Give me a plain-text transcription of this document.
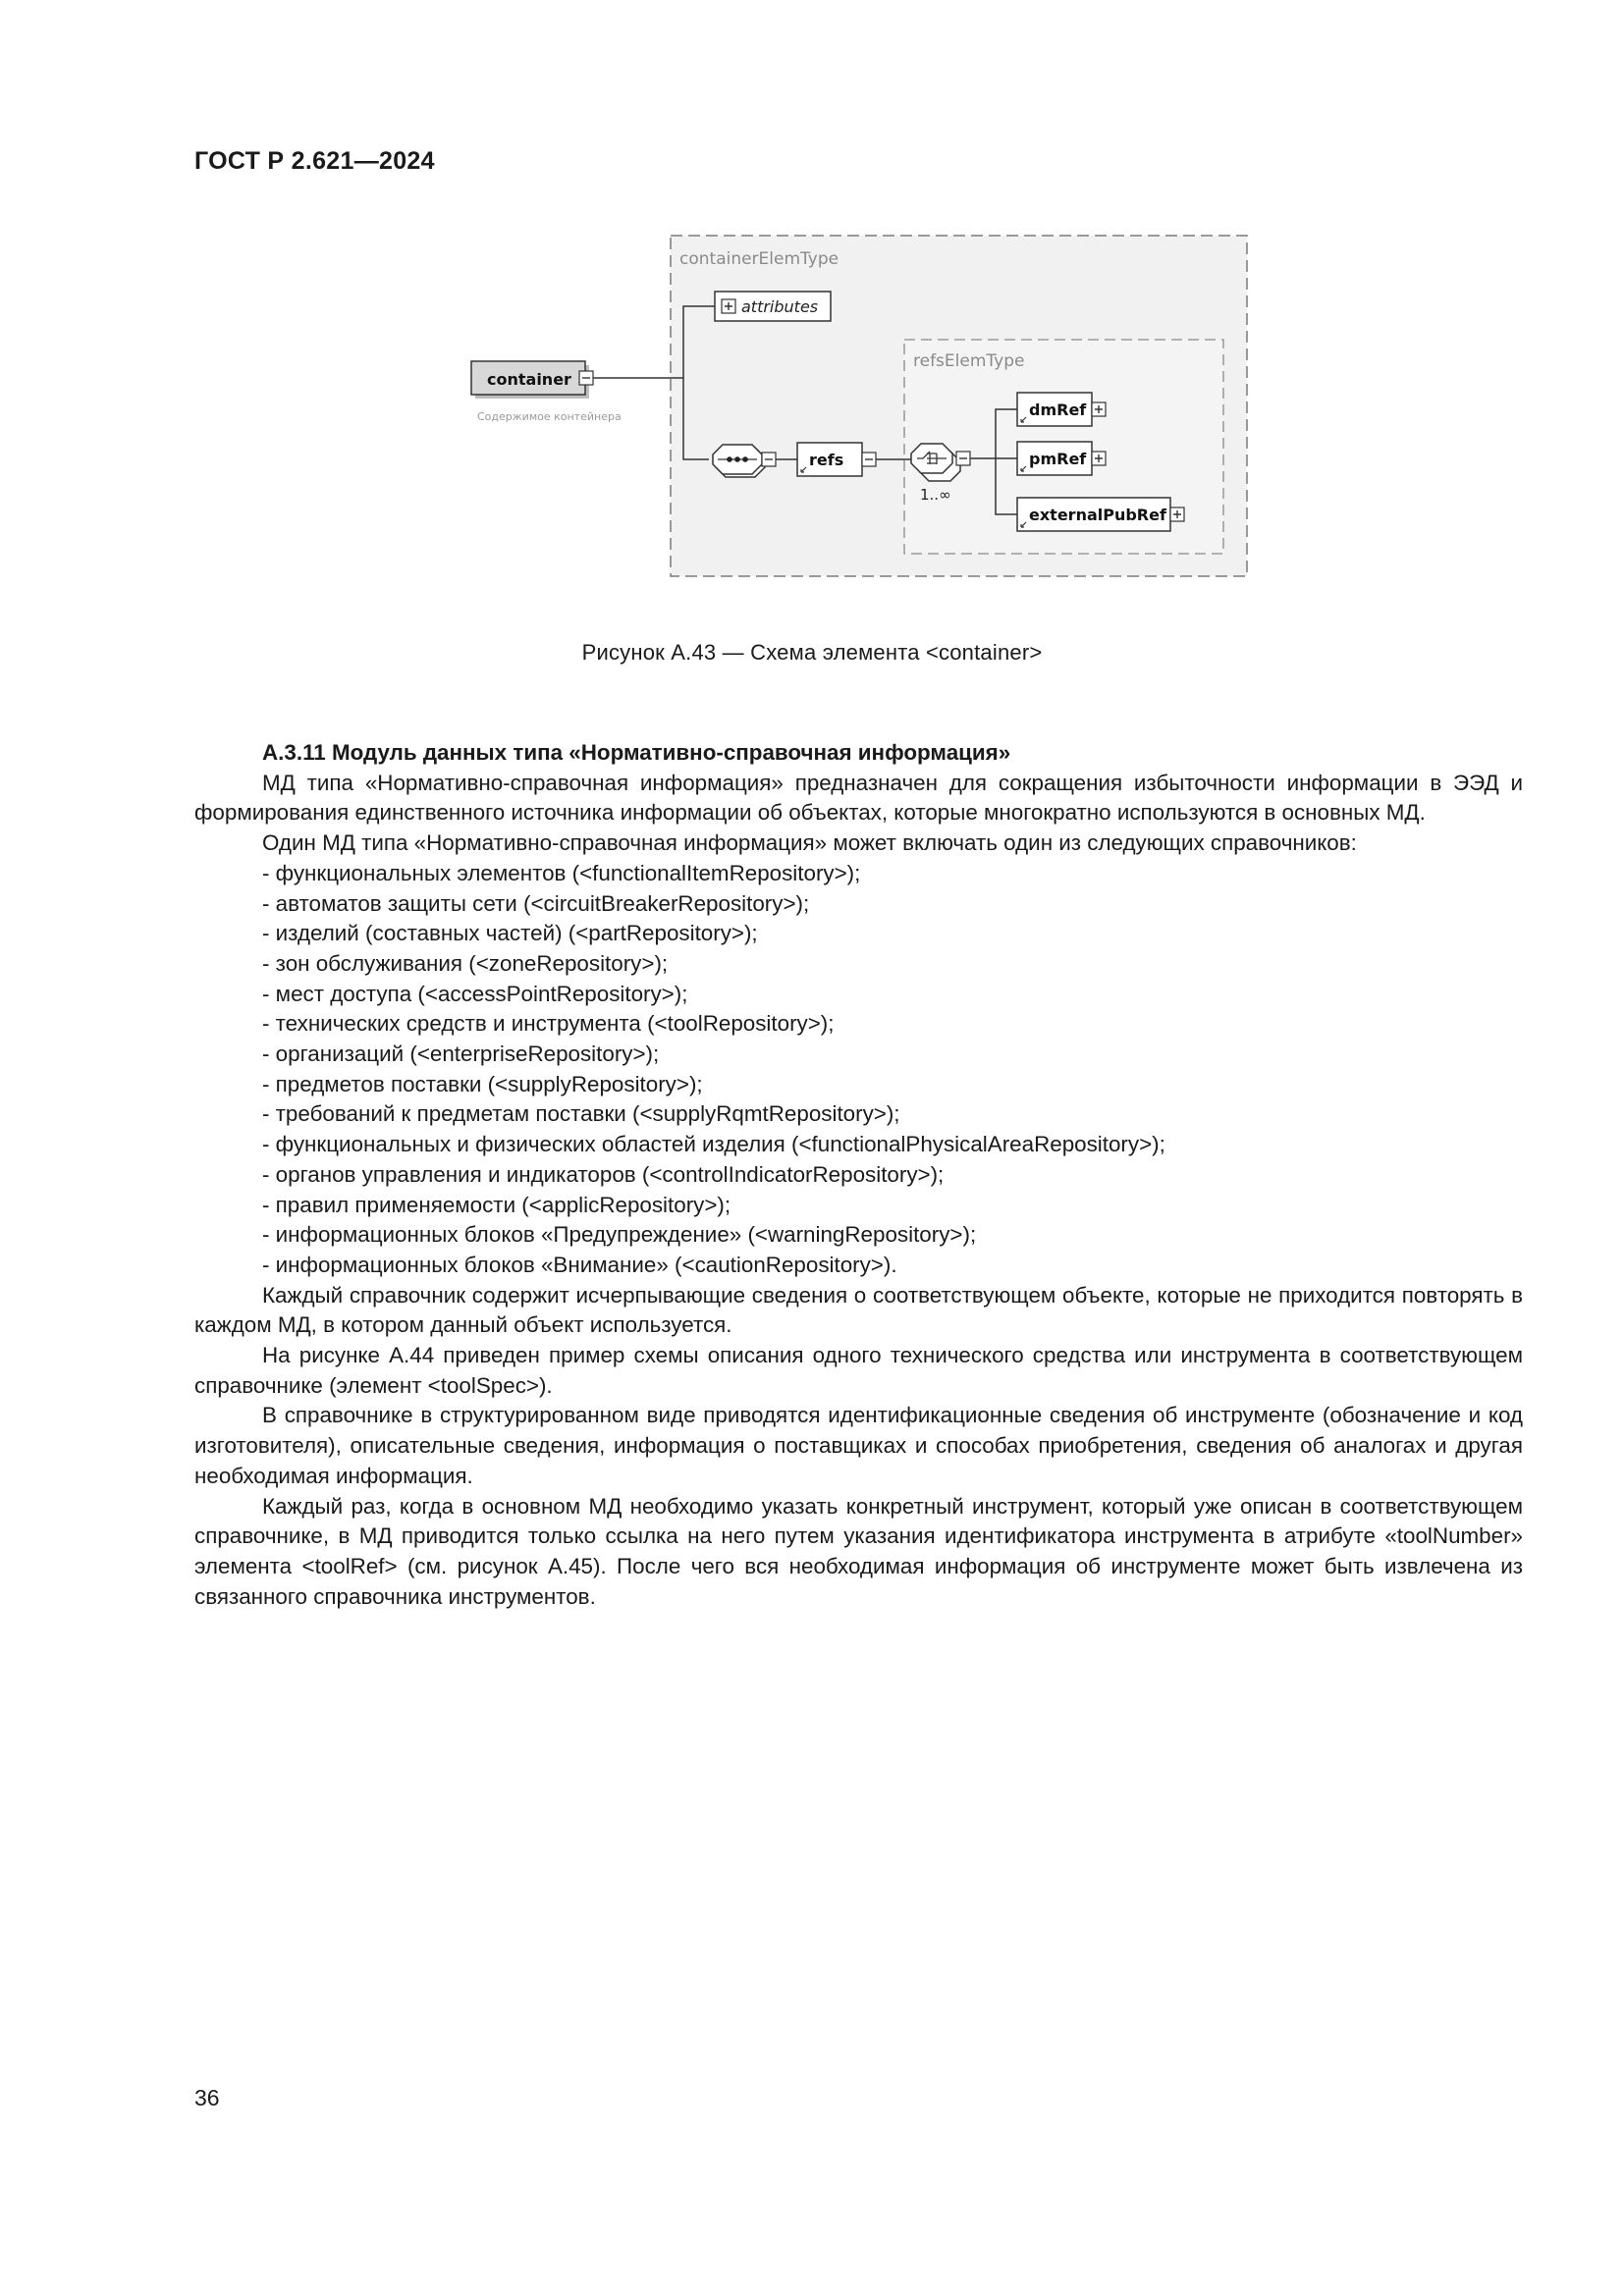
ГОСТ Р 2.621—2024
containerElemType
attributes
container
Содержимое контейнера
refs
refsElemType
1..∞
dmRef
pmRef
externalPubRef
Рисунок А.43 — Схема элемента <container>

А.3.11 Модуль данных типа «Нормативно-справочная информация»

МД типа «Нормативно-справочная информация» предназначен для сокращения избыточности информации в ЭЭД и формирования единственного источника информации об объектах, которые многократно используются в основных МД.

Один МД типа «Нормативно-справочная информация» может включать один из следующих справочников:

- функциональных элементов (<functionalItemRepository>);
- автоматов защиты сети (<circuitBreakerRepository>);
- изделий (составных частей) (<partRepository>);
- зон обслуживания (<zoneRepository>);
- мест доступа (<accessPointRepository>);
- технических средств и инструмента (<toolRepository>);
- организаций (<enterpriseRepository>);
- предметов поставки (<supplyRepository>);
- требований к предметам поставки (<supplyRqmtRepository>);
- функциональных и физических областей изделия (<functionalPhysicalAreaRepository>);
- органов управления и индикаторов (<controlIndicatorRepository>);
- правил применяемости (<applicRepository>);
- информационных блоков «Предупреждение» (<warningRepository>);
- информационных блоков «Внимание» (<cautionRepository>).

Каждый справочник содержит исчерпывающие сведения о соответствующем объекте, которые не приходится повторять в каждом МД, в котором данный объект используется.

На рисунке А.44 приведен пример схемы описания одного технического средства или инструмента в соответствующем справочнике (элемент <toolSpec>).

В справочнике в структурированном виде приводятся идентификационные сведения об инструменте (обозначение и код изготовителя), описательные сведения, информация о поставщиках и способах приобретения, сведения об аналогах и другая необходимая информация.

Каждый раз, когда в основном МД необходимо указать конкретный инструмент, который уже описан в соответствующем справочнике, в МД приводится только ссылка на него путем указания идентификатора инструмента в атрибуте «toolNumber» элемента <toolRef> (см. рисунок А.45). После чего вся необходимая информация об инструменте может быть извлечена из связанного справочника инструментов.

36
